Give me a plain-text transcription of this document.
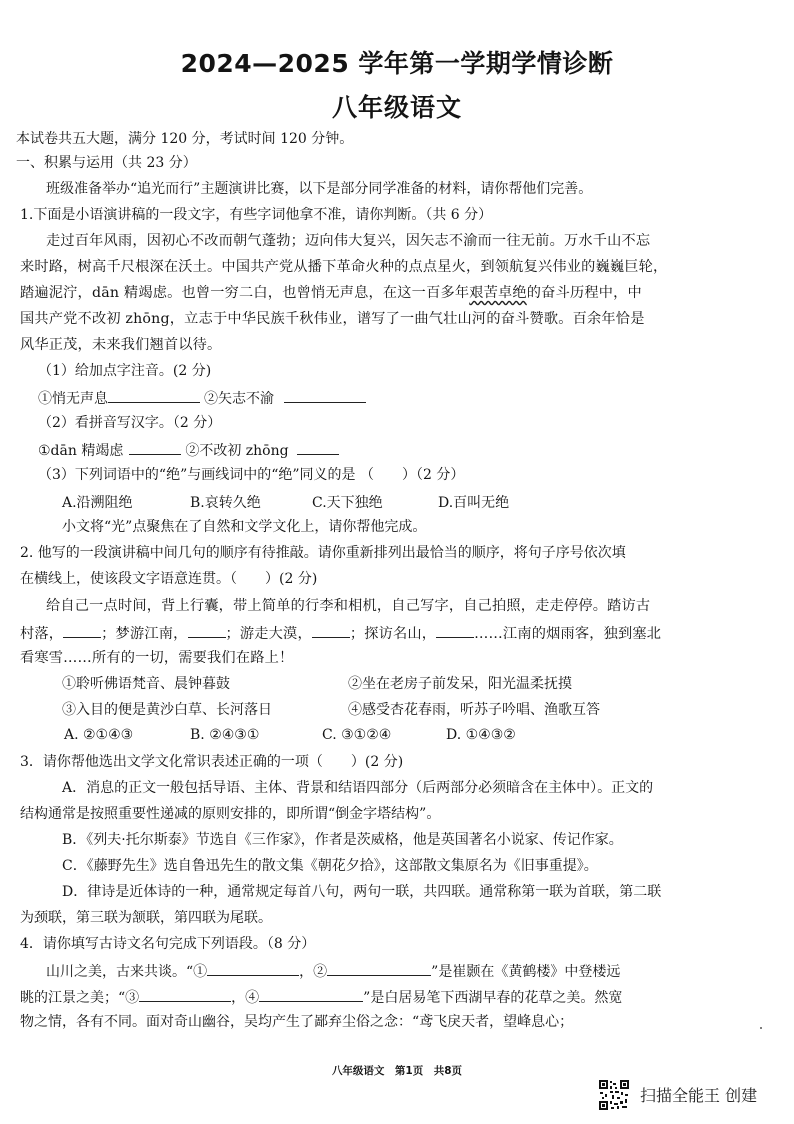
2024—2025 学年第一学期学情诊断
八年级语文
本试卷共五大题，满分 120 分，考试时间 120 分钟。
一、积累与运用（共 23 分）
班级准备举办“追光而行”主题演讲比赛，以下是部分同学准备的材料，请你帮他们完善。
1.下面是小语演讲稿的一段文字，有些字词他拿不准，请你判断。（共 6 分）
走过百年风雨，因初心不改而朝气蓬勃；迈向伟大复兴，因矢志不渝而一往无前。万水千山不忘
来时路，树高千尺根深在沃土。中国共产党从播下革命火种的点点星火，到领航复兴伟业的巍巍巨轮，
踏遍泥泞，dān 精竭虑。也曾一穷二白，也曾悄无声息，在这一百多年艰苦卓绝的奋斗历程中，中
国共产党不改初 zhōng，立志于中华民族千秋伟业，谱写了一曲气壮山河的奋斗赞歌。百余年恰是
风华正茂，未来我们翘首以待。
（1）给加点字注音。(2 分)
①悄无声息	②矢志不渝
（2）看拼音写汉字。（2 分）
①dān 精竭虑	②不改初 zhōng
（3）下列词语中的“绝”与画线词中的“绝”同义的是 （　　）（2 分）
A.沿溯阻绝	B.哀转久绝	C.天下独绝	D.百叫无绝
小文将“光”点聚焦在了自然和文学文化上，请你帮他完成。
2. 他写的一段演讲稿中间几句的顺序有待推敲。请你重新排列出最恰当的顺序，将句子序号依次填
在横线上，使该段文字语意连贯。（　　）(2 分)
给自己一点时间，背上行囊，带上简单的行李和相机，自己写字，自己拍照，走走停停。踏访古
村落，	；梦游江南，	；游走大漠，	；探访名山，	……江南的烟雨客，独到塞北
看寒雪……所有的一切，需要我们在路上！
①聆听佛语梵音、晨钟暮鼓	②坐在老房子前发呆，阳光温柔抚摸
③入目的便是黄沙白草、长河落日	④感受杏花春雨，听苏子吟唱、渔歌互答
A. ②①④③	B. ②④③①	C. ③①②④	D. ①④③②
3．请你帮他选出文学文化常识表述正确的一项（　　）(2 分)
A．消息的正文一般包括导语、主体、背景和结语四部分（后两部分必须暗含在主体中）。正文的
结构通常是按照重要性递减的原则安排的，即所谓“倒金字塔结构”。
B．《列夫·托尔斯泰》节选自《三作家》，作者是茨威格，他是英国著名小说家、传记作家。
C．《藤野先生》选自鲁迅先生的散文集《朝花夕拾》，这部散文集原名为《旧事重提》。
D．律诗是近体诗的一种，通常规定每首八句，两句一联，共四联。通常称第一联为首联，第二联
为颈联，第三联为颔联，第四联为尾联。
4．请你填写古诗文名句完成下列语段。（8 分）
山川之美，古来共谈。“①	，②	”是崔颢在《黄鹤楼》中登楼远
眺的江景之美；“③	，④	”是白居易笔下西湖早春的花草之美。然宽
物之情，各有不同。面对奇山幽谷，吴均产生了鄙弃尘俗之念：“鸢飞戾天者，望峰息心；
八年级语文　第1页　共8页
扫描全能王 创建
